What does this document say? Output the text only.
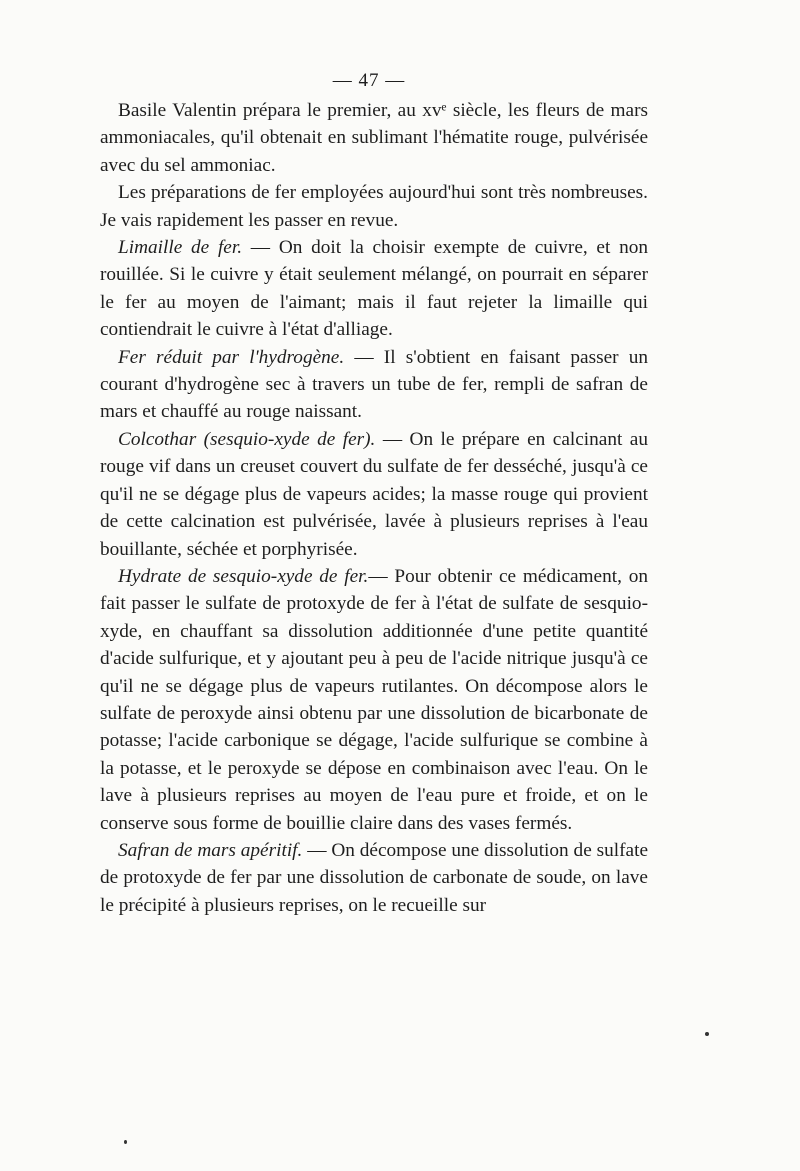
— 47 —

Basile Valentin prépara le premier, au xvᵉ siècle, les fleurs de mars ammoniacales, qu'il obtenait en sublimant l'hématite rouge, pulvérisée avec du sel ammoniac.

Les préparations de fer employées aujourd'hui sont très nombreuses. Je vais rapidement les passer en revue.

Limaille de fer. — On doit la choisir exempte de cuivre, et non rouillée. Si le cuivre y était seulement mélangé, on pourrait en séparer le fer au moyen de l'aimant; mais il faut rejeter la limaille qui contiendrait le cuivre à l'état d'alliage.

Fer réduit par l'hydrogène. — Il s'obtient en faisant passer un courant d'hydrogène sec à travers un tube de fer, rempli de safran de mars et chauffé au rouge naissant.

Colcothar (sesquio-xyde de fer). — On le prépare en calcinant au rouge vif dans un creuset couvert du sulfate de fer desséché, jusqu'à ce qu'il ne se dégage plus de vapeurs acides; la masse rouge qui provient de cette calcination est pulvérisée, lavée à plusieurs reprises à l'eau bouillante, séchée et porphyrisée.

Hydrate de sesquio-xyde de fer.— Pour obtenir ce médicament, on fait passer le sulfate de protoxyde de fer à l'état de sulfate de sesquio-xyde, en chauffant sa dissolution additionnée d'une petite quantité d'acide sulfurique, et y ajoutant peu à peu de l'acide nitrique jusqu'à ce qu'il ne se dégage plus de vapeurs rutilantes. On décompose alors le sulfate de peroxyde ainsi obtenu par une dissolution de bicarbonate de potasse; l'acide carbonique se dégage, l'acide sulfurique se combine à la potasse, et le peroxyde se dépose en combinaison avec l'eau. On le lave à plusieurs reprises au moyen de l'eau pure et froide, et on le conserve sous forme de bouillie claire dans des vases fermés.

Safran de mars apéritif. — On décompose une dissolution de sulfate de protoxyde de fer par une dissolution de carbonate de soude, on lave le précipité à plusieurs reprises, on le recueille sur
